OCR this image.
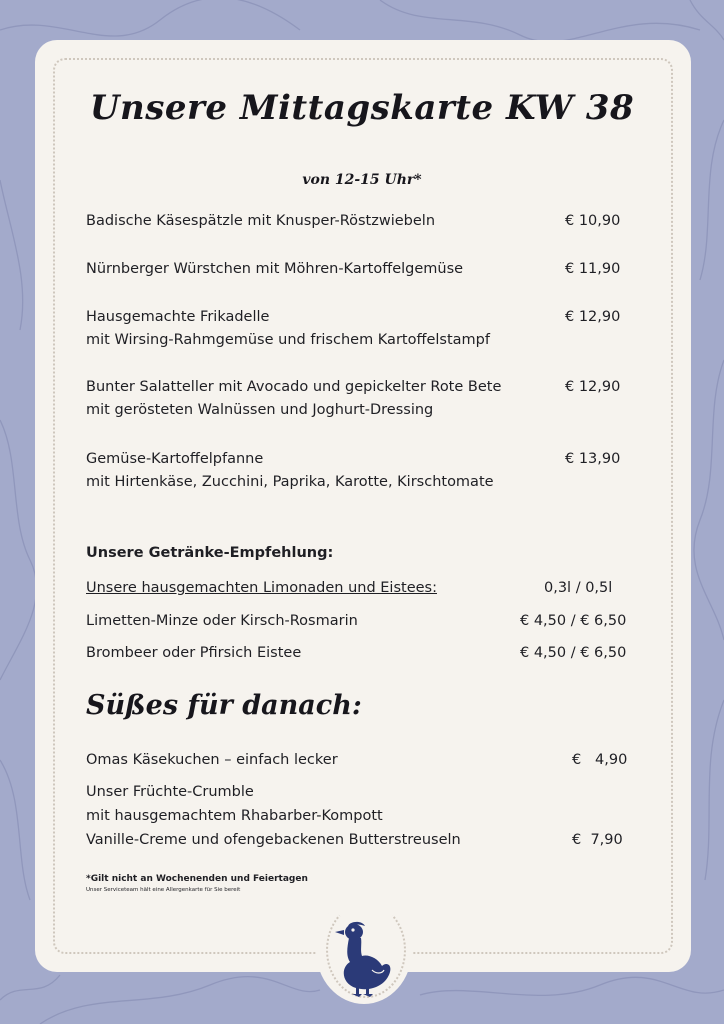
Unsere Mittagskarte KW 38
von 12-15 Uhr*
Badische Käsespätzle mit Knusper-Röstzwiebeln	€ 10,90
Nürnberger Würstchen mit Möhren-Kartoffelgemüse	€ 11,90
Hausgemachte Frikadelle
mit Wirsing-Rahmgemüse und frischem Kartoffelstampf
€ 12,90
Bunter Salatteller mit Avocado und gepickelter Rote Bete
mit gerösteten Walnüssen und Joghurt-Dressing
€ 12,90
Gemüse-Kartoffelpfanne
mit Hirtenkäse, Zucchini, Paprika, Karotte, Kirschtomate
€ 13,90
Unsere Getränke-Empfehlung:
Unsere hausgemachten Limonaden und Eistees:	0,3l / 0,5l
Limetten-Minze oder Kirsch-Rosmarin	€ 4,50 / € 6,50
Brombeer oder Pfirsich Eistee	€ 4,50 / € 6,50
Süßes für danach:
Omas Käsekuchen – einfach lecker	€   4,90
Unser Früchte-Crumble
mit hausgemachtem Rhabarber-Kompott
Vanille-Creme und ofengebackenen Butterstreuseln	€  7,90
*Gilt nicht an Wochenenden und Feiertagen
Unser Serviceteam hält eine Allergenkarte für Sie bereit
